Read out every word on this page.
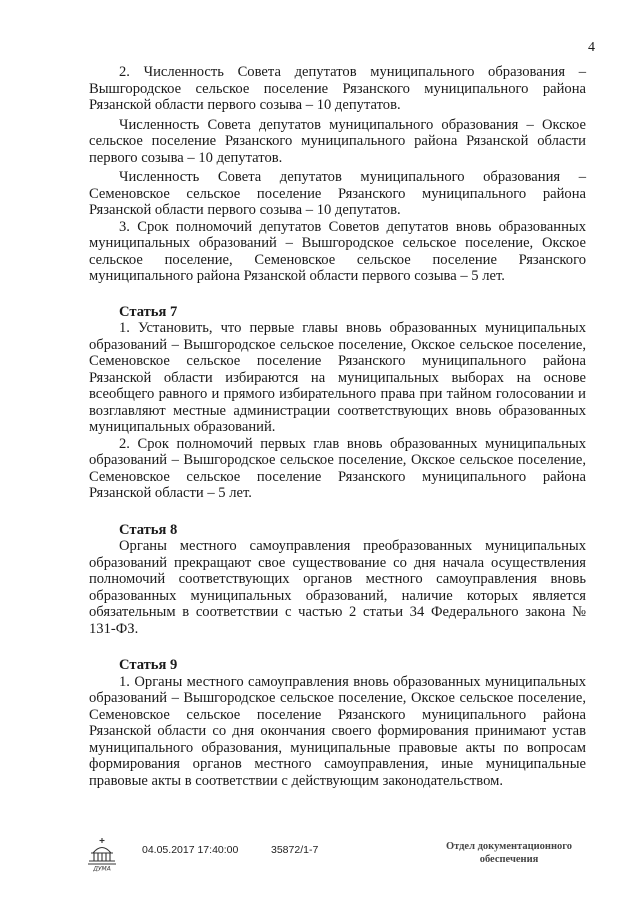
4

2. Численность Совета депутатов муниципального образования – Вышгородское сельское поселение Рязанского муниципального района Рязанской области первого созыва – 10 депутатов.

Численность Совета депутатов муниципального образования – Окское сельское поселение Рязанского муниципального района Рязанской области первого созыва – 10 депутатов.

Численность Совета депутатов муниципального образования – Семеновское сельское поселение Рязанского муниципального района Рязанской области первого созыва – 10 депутатов.

3. Срок полномочий депутатов Советов депутатов вновь образованных муниципальных образований – Вышгородское сельское поселение, Окское сельское поселение, Семеновское сельское поселение Рязанского муниципального района Рязанской области первого созыва – 5 лет.

Статья 7

1. Установить, что первые главы вновь образованных муниципальных образований – Вышгородское сельское поселение, Окское сельское поселение, Семеновское сельское поселение Рязанского муниципального района Рязанской области избираются на муниципальных выборах на основе всеобщего равного и прямого избирательного права при тайном голосовании и возглавляют местные администрации соответствующих вновь образованных муниципальных образований.

2. Срок полномочий первых глав вновь образованных муниципальных образований – Вышгородское сельское поселение, Окское сельское поселение, Семеновское сельское поселение Рязанского муниципального района Рязанской области – 5 лет.

Статья 8

Органы местного самоуправления преобразованных муниципальных образований прекращают свое существование со дня начала осуществления полномочий соответствующих органов местного самоуправления вновь образованных муниципальных образований, наличие которых является обязательным в соответствии с частью 2 статьи 34 Федерального закона № 131-ФЗ.

Статья 9

1. Органы местного самоуправления вновь образованных муниципальных образований – Вышгородское сельское поселение, Окское сельское поселение, Семеновское сельское поселение Рязанского муниципального района Рязанской области со дня окончания своего формирования принимают устав муниципального образования, муниципальные правовые акты по вопросам формирования органов местного самоуправления, иные муниципальные правовые акты в соответствии с действующим законодательством.

ДУМА
04.05.2017 17:40:00	35872/1-7	Отдел документационного
обеспечения
